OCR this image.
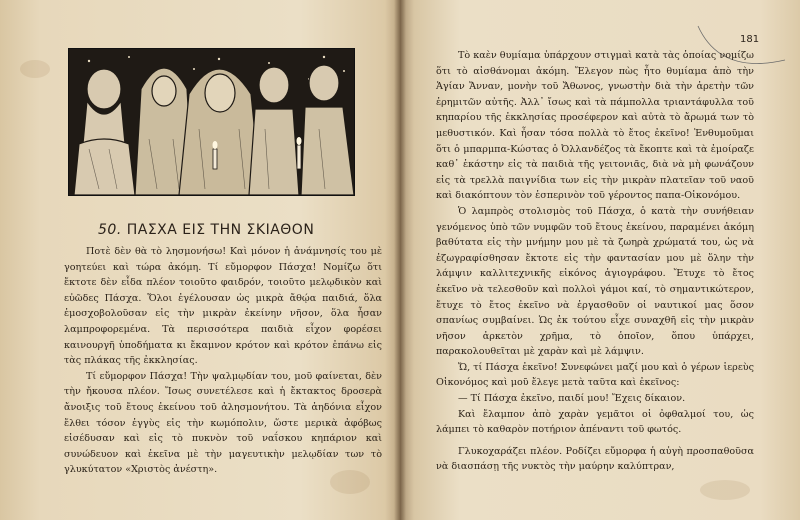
50. ΠΑΣΧΑ ΕΙΣ ΤΗΝ ΣΚΙΑΘΟΝ

Ποτὲ δὲν θὰ τὸ λησμονήσω! Καὶ μόνον ἡ ἀνάμνησίς του μὲ γοητεύει καὶ τώρα ἀκόμη. Τί εὔμορφον Πάσχα! Νομίζω ὅτι ἔκτοτε δὲν εἶδα πλέον τοιοῦτο φαιδρόν, τοιοῦτο μελῳδικὸν καὶ εὐῶδες Πάσχα. Ὅλοι ἐγέλουσαν ὡς μικρὰ ἄθῴα παιδιά, ὅλα ἐμοσχοβολοῦσαν εἰς τὴν μικρὰν ἐκείνην νῆσον, ὅλα ἦσαν λαμπροφορεμένα. Τὰ περισσότερα παιδιὰ εἶχον φορέσει καινουργῆ ὑποδήματα κι ἔκαμνον κρότον καὶ κρότον ἐπάνω εἰς τὰς πλάκας τῆς ἐκκλησίας.

Τί εὔμορφον Πάσχα! Τὴν ψαλμῳδίαν του, μοῦ φαίνεται, δὲν τὴν ἤκουσα πλέον. Ἴσως συνετέλεσε καὶ ἡ ἔκτακτος δροσερὰ ἄνοιξις τοῦ ἔτους ἐκείνου τοῦ ἀλησμονήτου. Τὰ ἀηδόνια εἶχον ἔλθει τόσον ἐγγὺς εἰς τὴν κωμόπολιν, ὥστε μερικὰ ἀφόβως εἰσέδυσαν καὶ εἰς τὸ πυκνὸν τοῦ ναΐσκου κηπάριον καὶ συνώδευον καὶ ἐκεῖνα μὲ τὴν μαγευτικὴν μελῳδίαν των τὸ γλυκύτατον «Χριστὸς ἀνέστη».

181

Τὸ καὲν θυμίαμα ὑπάρχουν στιγμαὶ κατὰ τὰς ὁποίας νομίζω ὅτι τὸ αἰσθάνομαι ἀκόμη. Ἔλεγον πὼς ἦτο θυμίαμα ἀπὸ τὴν Ἁγίαν Ἄνναν, μονὴν τοῦ Ἄθωνος, γνωστὴν διὰ τὴν ἀρετὴν τῶν ἐρημιτῶν αὐτῆς. Ἀλλ᾿ ἴσως καὶ τὰ πάμπολλα τριαντάφυλλα τοῦ κηπαρίου τῆς ἐκκλησίας προσέφερον καὶ αὐτὰ τὸ ἄρωμά των τὸ μεθυστικόν. Καὶ ἦσαν τόσα πολλὰ τὸ ἔτος ἐκεῖνο! Ἐνθυμοῦμαι ὅτι ὁ μπαρμπα-Κώστας ὁ Ὀλλανδέζος τὰ ἔκοπτε καὶ τὰ ἐμοίραζε καθ᾿ ἑκάστην εἰς τὰ παιδιὰ τῆς γειτονιᾶς, διὰ νὰ μὴ φωνάζουν εἰς τὰ τρελλὰ παιγνίδια των εἰς τὴν μικρὰν πλατεῖαν τοῦ ναοῦ καὶ διακόπτουν τὸν ἑσπερινὸν τοῦ γέροντος παπα-Οἰκονόμου.

Ὁ λαμπρὸς στολισμὸς τοῦ Πάσχα, ὁ κατὰ τὴν συνήθειαν γενόμενος ὑπὸ τῶν νυμφῶν τοῦ ἔτους ἐκείνου, παραμένει ἀκόμη βαθύτατα εἰς τὴν μνήμην μου μὲ τὰ ζωηρὰ χρώματά του, ὡς νὰ ἐζωγραφίσθησαν ἔκτοτε εἰς τὴν φαντασίαν μου μὲ ὅλην τὴν λάμψιν καλλιτεχνικῆς εἰκόνος ἁγιογράφου. Ἔτυχε τὸ ἔτος ἐκεῖνο νὰ τελεσθοῦν καὶ πολλοὶ γάμοι καί, τὸ σημαντικώτερον, ἔτυχε τὸ ἔτος ἐκεῖνο νὰ ἐργασθοῦν οἱ ναυτικοί μας ὅσον σπανίως συμβαίνει. Ὡς ἐκ τούτου εἶχε συναχθῆ εἰς τὴν μικρὰν νῆσον ἀρκετὸν χρῆμα, τὸ ὁποῖον, ὅπου ὑπάρχει, παρακολουθεῖται μὲ χαρὰν καὶ μὲ λάμψιν.

Ὤ, τί Πάσχα ἐκεῖνο! Συνεφώνει μαζί μου καὶ ὁ γέρων ἱερεὺς Οἰκονόμος καὶ μοῦ ἔλεγε μετὰ ταῦτα καὶ ἐκεῖνος:

— Τί Πάσχα ἐκεῖνο, παιδί μου! Ἔχεις δίκαιον.

Καὶ ἔλαμπον ἀπὸ χαρὰν γεμᾶτοι οἱ ὀφθαλμοί του, ὡς λάμπει τὸ καθαρὸν ποτήριον ἀπέναντι τοῦ φωτός.

Γλυκοχαράζει πλέον. Ροδίζει εὔμορφα ἡ αὐγὴ προσπαθοῦσα νὰ διασπάσῃ τῆς νυκτὸς τὴν μαύρην καλύπτραν,
